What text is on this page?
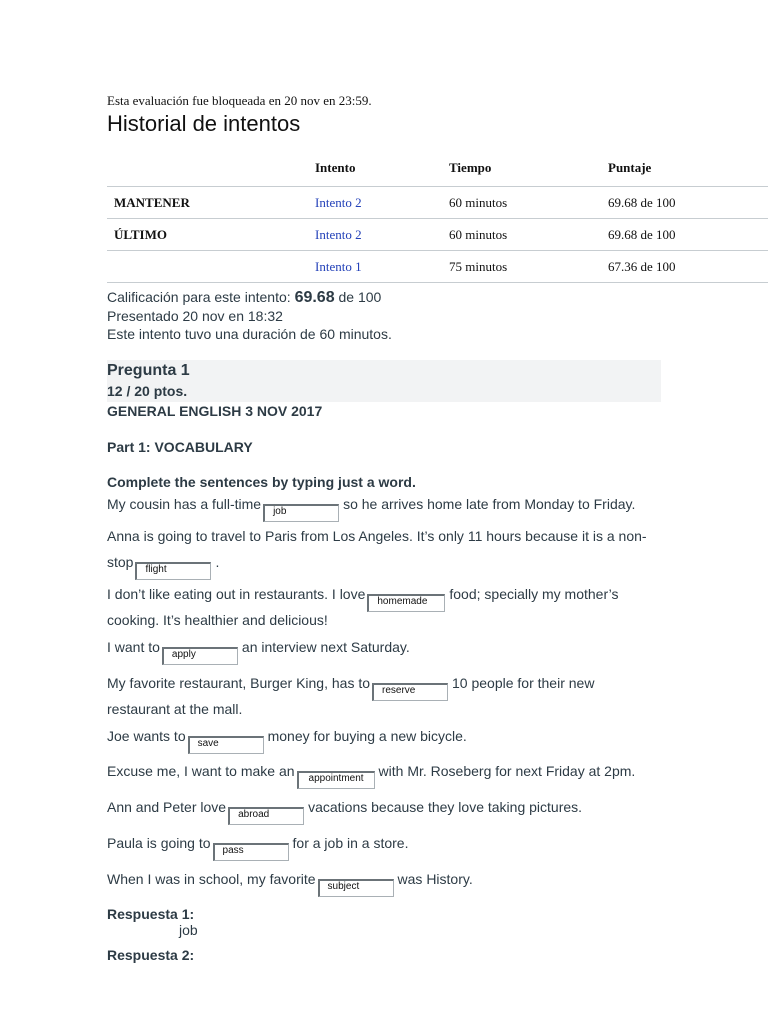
Esta evaluación fue bloqueada en 20 nov en 23:59.
Historial de intentos
	Intento	Tiempo	Puntaje
MANTENER	Intento 2	60 minutos	69.68 de 100
ÚLTIMO	Intento 2	60 minutos	69.68 de 100
	Intento 1	75 minutos	67.36 de 100
Calificación para este intento: 69.68 de 100
Presentado 20 nov en 18:32
Este intento tuvo una duración de 60 minutos.
Pregunta 1
12 / 20 ptos.

GENERAL ENGLISH 3 NOV 2017

Part 1: VOCABULARY

Complete the sentences by typing just a word.

My cousin has a full-time job	so he arrives home late from Monday to Friday.

Anna is going to travel to Paris from Los Angeles. It’s only 11 hours because it is a non-stop flight	.

I don’t like eating out in restaurants. I love homemade food; specially my mother’s cooking. It’s healthier and delicious!

I want to apply	an interview next Saturday.

My favorite restaurant, Burger King, has to reserve	10 people for their new restaurant at the mall.

Joe wants to save	money for buying a new bicycle.

Excuse me, I want to make an appointment with Mr. Roseberg for next Friday at 2pm.

Ann and Peter love abroad	vacations because they love taking pictures.

Paula is going to pass	for a job in a store.

When I was in school, my favorite subject	was History.

Respuesta 1:

job

Respuesta 2:
